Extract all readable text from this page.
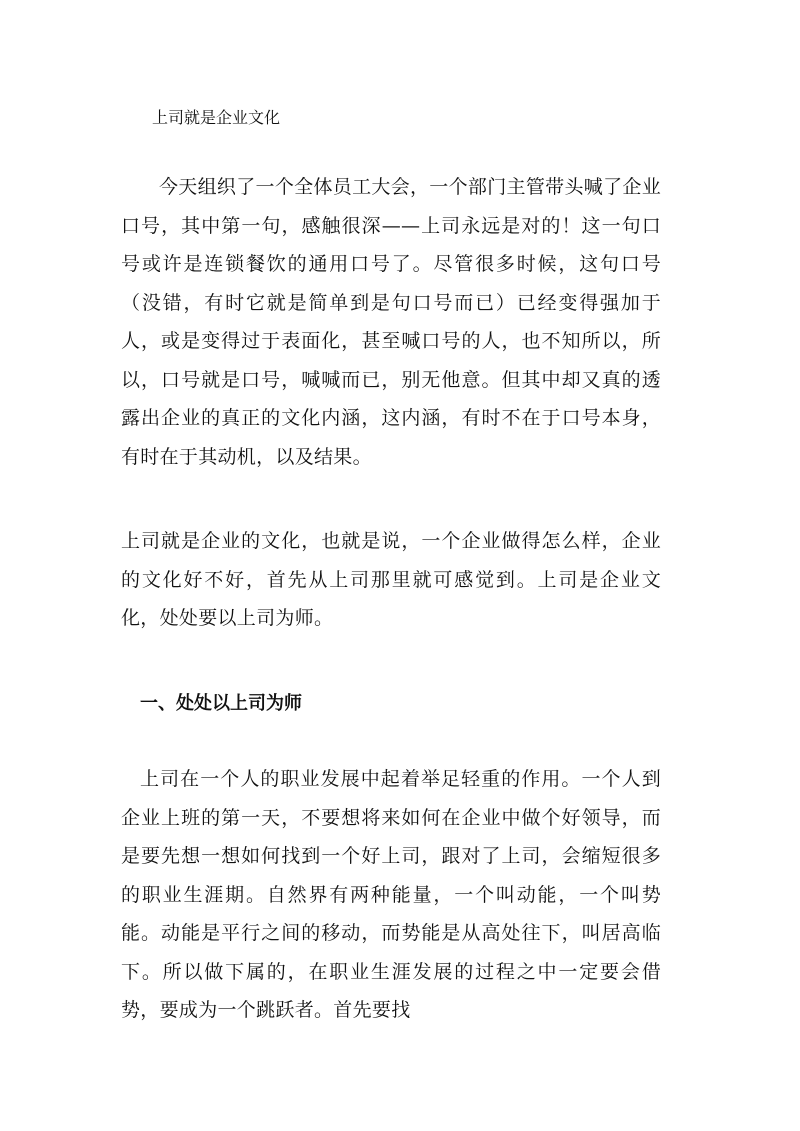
上司就是企业文化

今天组织了一个全体员工大会，一个部门主管带头喊了企业口号，其中第一句，感触很深——上司永远是对的！这一句口号或许是连锁餐饮的通用口号了。尽管很多时候，这句口号（没错，有时它就是简单到是句口号而已）已经变得强加于人，或是变得过于表面化，甚至喊口号的人，也不知所以，所以，口号就是口号，喊喊而已，别无他意。但其中却又真的透露出企业的真正的文化内涵，这内涵，有时不在于口号本身，有时在于其动机，以及结果。

上司就是企业的文化，也就是说，一个企业做得怎么样，企业的文化好不好，首先从上司那里就可感觉到。上司是企业文化，处处要以上司为师。

一、处处以上司为师

上司在一个人的职业发展中起着举足轻重的作用。一个人到企业上班的第一天，不要想将来如何在企业中做个好领导，而是要先想一想如何找到一个好上司，跟对了上司，会缩短很多的职业生涯期。自然界有两种能量，一个叫动能，一个叫势能。动能是平行之间的移动，而势能是从高处往下，叫居高临下。所以做下属的，在职业生涯发展的过程之中一定要会借势，要成为一个跳跃者。首先要找
